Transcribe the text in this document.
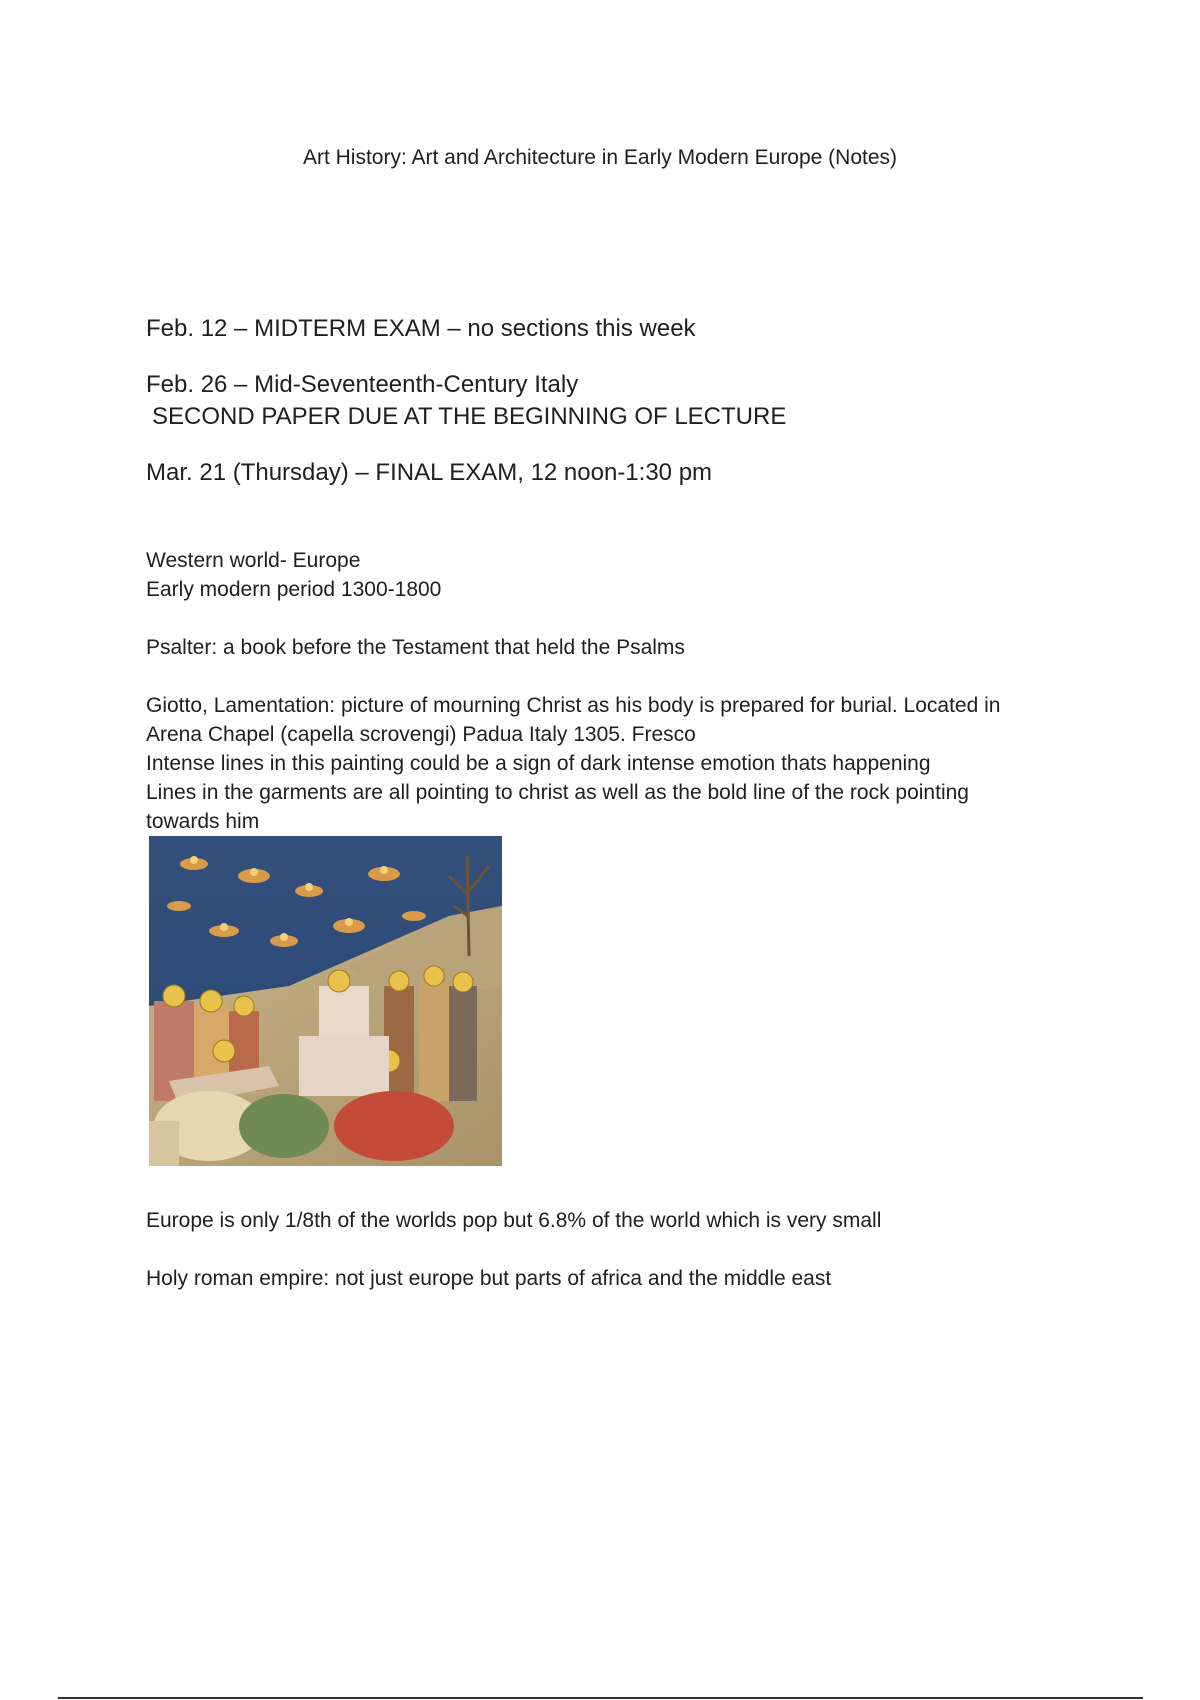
Art History: Art and Architecture in Early Modern Europe (Notes)
Feb. 12 – MIDTERM EXAM – no sections this week
Feb. 26 – Mid-Seventeenth-Century Italy
SECOND PAPER DUE AT THE BEGINNING OF LECTURE
Mar. 21 (Thursday) – FINAL EXAM, 12 noon-1:30 pm

Western world- Europe
Early modern period 1300-1800

Psalter: a book before the Testament that held the Psalms

Giotto, Lamentation: picture of mourning Christ as his body is prepared for burial. Located in
Arena Chapel (capella scrovengi) Padua Italy 1305. Fresco
Intense lines in this painting could be a sign of dark intense emotion thats happening
Lines in the garments are all pointing to christ as well as the bold line of the rock pointing
towards him

Europe is only 1/8th of the worlds pop but 6.8% of the world which is very small

Holy roman empire: not just europe but parts of africa and the middle east
